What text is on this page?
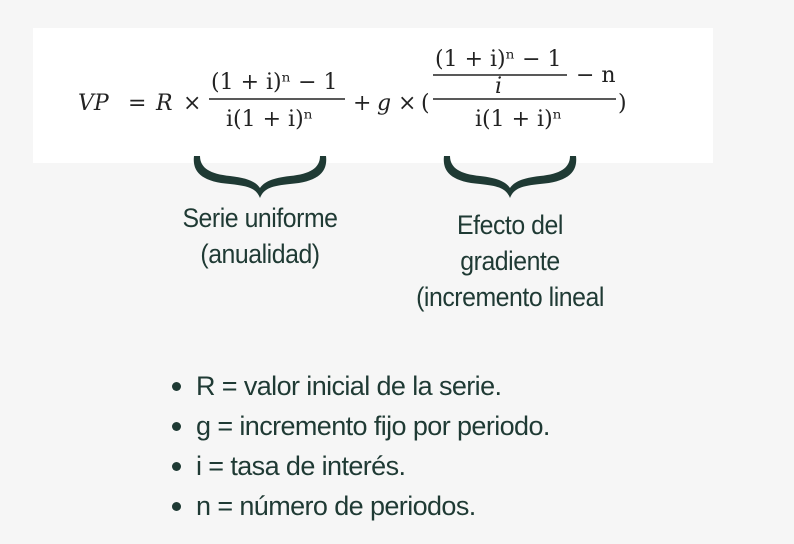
VP = R ×
(1 + i)ⁿ − 1
i(1 + i)ⁿ
+ g × (
(1 + i)ⁿ − 1
i	− n
i(1 + i)ⁿ
)
Serie uniforme
(anualidad)
Efecto del
gradiente
(incremento lineal
R = valor inicial de la serie.
g = incremento fijo por periodo.
i = tasa de interés.
n = número de periodos.
